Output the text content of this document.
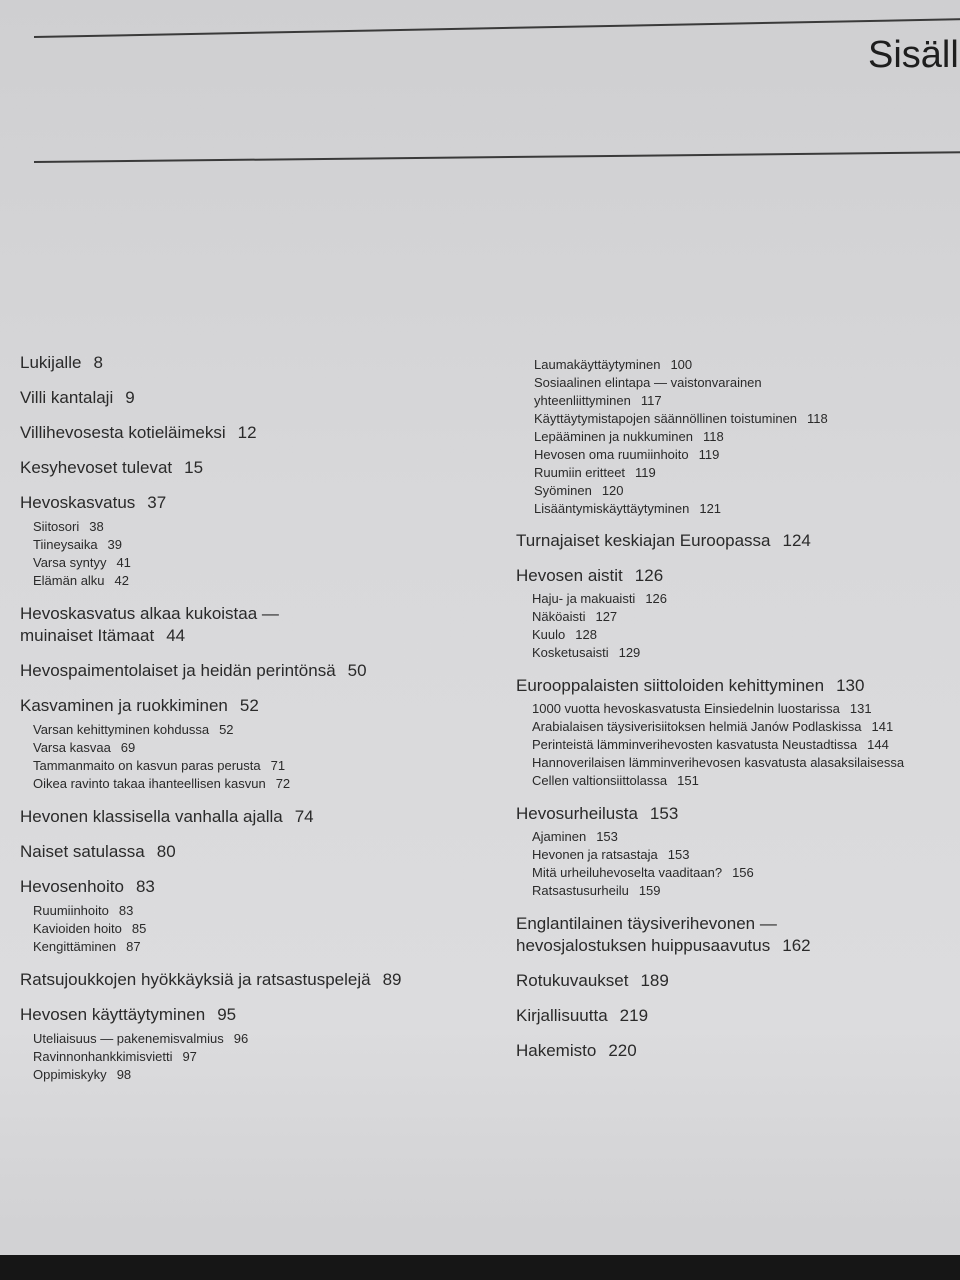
Sisäll
Lukijalle 8
Villi kantalaji 9
Villihevosesta kotieläimeksi 12
Kesyhevoset tulevat 15
Hevoskasvatus 37
Siitosori 38
Tiineysaika 39
Varsa syntyy 41
Elämän alku 42
Hevoskasvatus alkaa kukoistaa —
muinaiset Itämaat 44
Hevospaimentolaiset ja heidän perintönsä 50
Kasvaminen ja ruokkiminen 52
Varsan kehittyminen kohdussa 52
Varsa kasvaa 69
Tammanmaito on kasvun paras perusta 71
Oikea ravinto takaa ihanteellisen kasvun 72
Hevonen klassisella vanhalla ajalla 74
Naiset satulassa 80
Hevosenhoito 83
Ruumiinhoito 83
Kavioiden hoito 85
Kengittäminen 87
Ratsujoukkojen hyökkäyksiä ja ratsastuspelejä 89
Hevosen käyttäytyminen 95
Uteliaisuus — pakenemisvalmius 96
Ravinnonhankkimisvietti 97
Oppimiskyky 98
Laumakäyttäytyminen 100
Sosiaalinen elintapa — vaistonvarainen
yhteenliittyminen 117
Käyttäytymistapojen säännöllinen toistuminen 118
Lepääminen ja nukkuminen 118
Hevosen oma ruumiinhoito 119
Ruumiin eritteet 119
Syöminen 120
Lisääntymiskäyttäytyminen 121
Turnajaiset keskiajan Euroopassa 124
Hevosen aistit 126
Haju- ja makuaisti 126
Näköaisti 127
Kuulo 128
Kosketusaisti 129
Eurooppalaisten siittoloiden kehittyminen 130
1000 vuotta hevoskasvatusta Einsiedelnin luostarissa 131
Arabialaisen täysiverisiitoksen helmiä Janów Podlaskissa 141
Perinteistä lämminverihevosten kasvatusta Neustadtissa 144
Hannoverilaisen lämminverihevosen kasvatusta alasaksilaisessa
Cellen valtionsiittolassa 151
Hevosurheilusta 153
Ajaminen 153
Hevonen ja ratsastaja 153
Mitä urheiluhevoselta vaaditaan? 156
Ratsastusurheilu 159
Englantilainen täysiverihevonen —
hevosjalostuksen huippusaavutus 162
Rotukuvaukset 189
Kirjallisuutta 219
Hakemisto 220
